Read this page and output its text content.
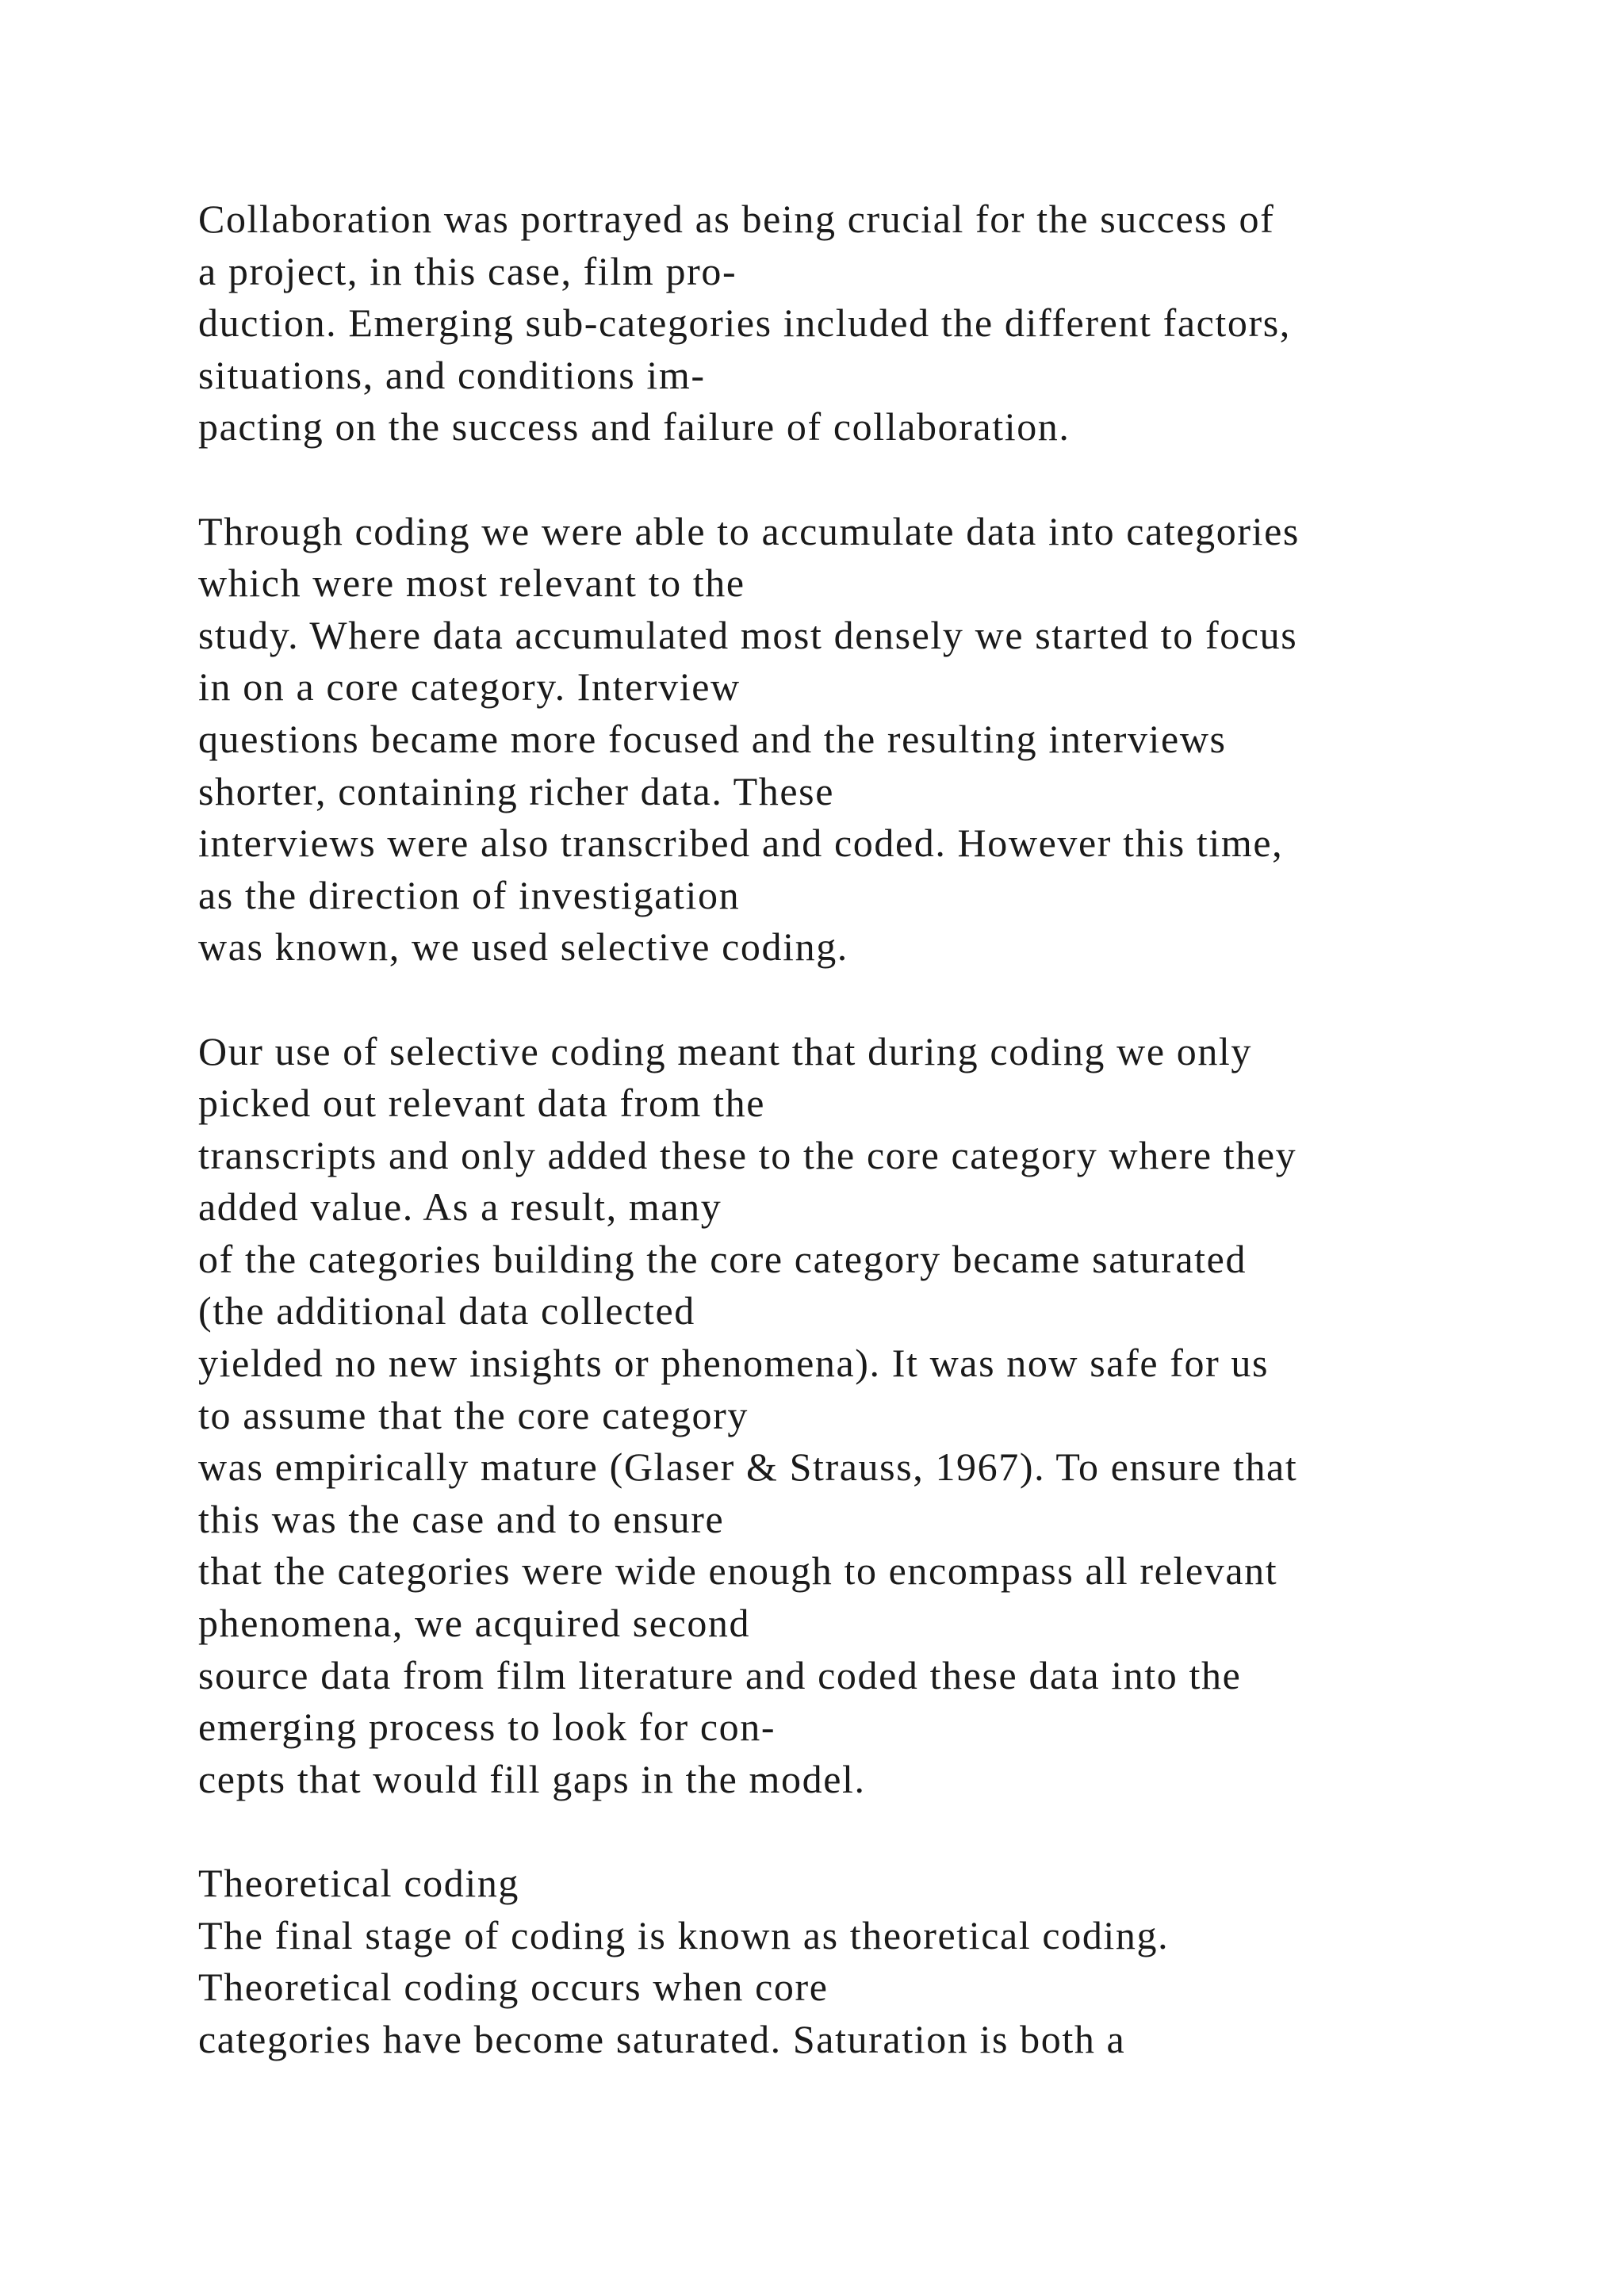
Collaboration was portrayed as being crucial for the success of
a project, in this case, film pro-
duction. Emerging sub-categories included the different factors,
situations, and conditions im-
pacting on the success and failure of collaboration.
Through coding we were able to accumulate data into categories
which were most relevant to the
study. Where data accumulated most densely we started to focus
in on a core category. Interview
questions became more focused and the resulting interviews
shorter, containing richer data. These
interviews were also transcribed and coded. However this time,
as the direction of investigation
was known, we used selective coding.
Our use of selective coding meant that during coding we only
picked out relevant data from the
transcripts and only added these to the core category where they
added value. As a result, many
of the categories building the core category became saturated
(the additional data collected
yielded no new insights or phenomena). It was now safe for us
to assume that the core category
was empirically mature (Glaser & Strauss, 1967). To ensure that
this was the case and to ensure
that the categories were wide enough to encompass all relevant
phenomena, we acquired second
source data from film literature and coded these data into the
emerging process to look for con-
cepts that would fill gaps in the model.
Theoretical coding
The final stage of coding is known as theoretical coding.
Theoretical coding occurs when core
categories have become saturated. Saturation is both a
